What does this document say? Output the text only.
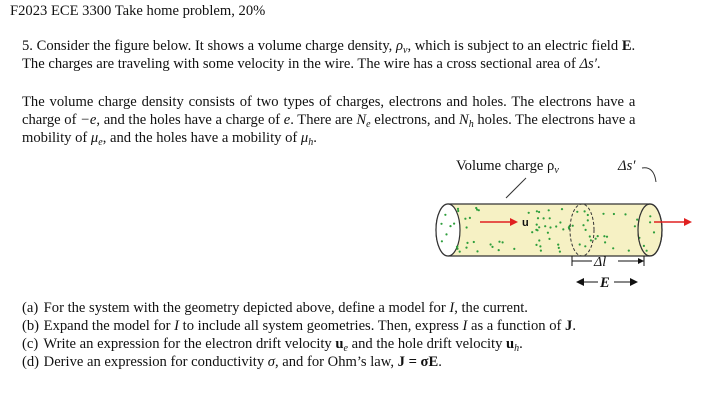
F2023 ECE 3300 Take home problem, 20%
5. Consider the figure below. It shows a volume charge density, $\rho_v$, which is subject to an electric field E.
The charges are traveling with some velocity in the wire. The wire has a cross sectional area of Δs′.
The volume charge density consists of two types of charges, electrons and holes. The electrons have a
charge of −e, and the holes have a charge of e. There are $N_e$ electrons, and $N_h$ holes. The electrons have a
mobility of $\mu_e$, and the holes have a mobility of $\mu_h$.
u
Volume charge $\rho_v$	Δs′
Δl
E
(a) For the system with the geometry depicted above, define a model for I, the current.
(b) Expand the model for I to include all system geometries. Then, express I as a function of J.
(c) Write an expression for the electron drift velocity $u_e$ and the hole drift velocity $u_h$.
(d) Derive an expression for conductivity σ, and for Ohm’s law, J = σE.
